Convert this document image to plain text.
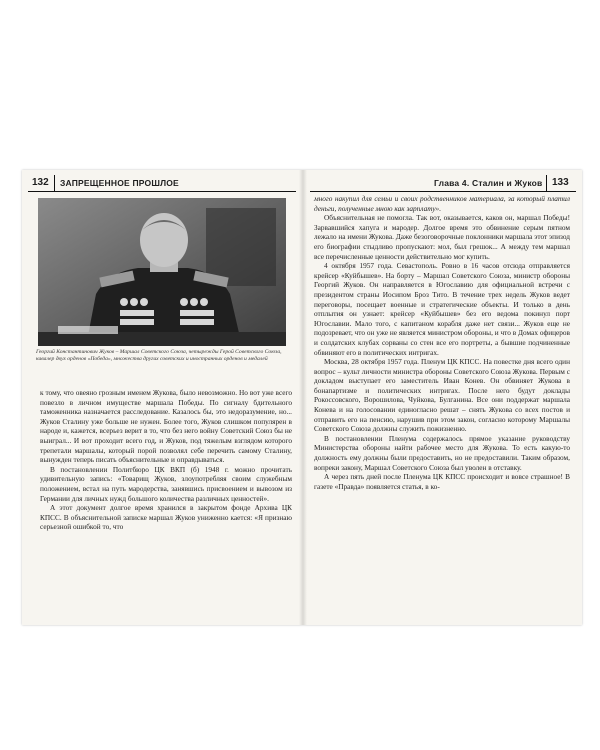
132 ЗАПРЕЩЕННОЕ ПРОШЛОЕ	Глава 4. Сталин и Жуков 133
Георгий Константинович Жуков – Маршал Советского Союза, четырежды Герой Советского Союза, кавалер двух орденов «Победа», множества других советских и иностранных орденов и медалей

к тому, что овеяно грозным именем Жукова, было невозможно. Но вот уже всего повезло в личном имуществе маршала Победы. По сигналу бдительного таможенника назначается расследование. Казалось бы, это недоразумение, но... Жуков Сталину уже больше не нужен. Более того, Жуков слишком популярен в народе и, кажется, всерьез верит в то, что без него войну Советский Союз бы не выиграл... И вот проходит всего год, и Жуков, под тяжелым взглядом которого трепетали маршалы, который порой позволял себе перечить самому Сталину, вынужден теперь писать объяснительные и оправдываться.

В постановлении Политбюро ЦК ВКП (б) 1948 г. можно прочитать удивительную запись: «Товарищ Жуков, злоупотребляя своим служебным положением, встал на путь мародерства, занявшись присвоением и вывозом из Германии для личных нужд большого количества различных ценностей».

А этот документ долгое время хранился в закрытом фонде Архива ЦК КПСС. В объяснительной записке маршал Жуков униженно кается: «Я признаю серьезной ошибкой то, что

много накупил для семьи и своих родственников материала, за который платил деньги, полученные мною как зарплату».

Объяснительная не помогла. Так вот, оказывается, каков он, маршал Победы! Зарвавшийся хапуга и мародер. Долгое время это обвинение серым пятном лежало на имени Жукова. Даже безоговорочные поклонники маршала этот эпизод его биографии стыдливо пропускают: мол, был грешок... А между тем маршал все перечисленные ценности действительно мог купить.

4 октября 1957 года. Севастополь. Ровно в 16 часов отсюда отправляется крейсер «Куйбышев». На борту – Маршал Советского Союза, министр обороны Георгий Жуков. Он направляется в Югославию для официальной встречи с президентом страны Иосипом Броз Тито. В течение трех недель Жуков ведет переговоры, посещает военные и стратегические объекты. И только в день отплытия он узнает: крейсер «Куйбышев» без его ведома покинул порт Югославии. Мало того, с капитаном корабля даже нет связи... Жуков еще не подозревает, что он уже не является министром обороны, и что в Домах офицеров и солдатских клубах сорваны со стен все его портреты, а бывшие подчиненные обвиняют его в политических интригах.

Москва, 28 октября 1957 года. Пленум ЦК КПСС. На повестке дня всего один вопрос – культ личности министра обороны Советского Союза Жукова. Первым с докладом выступает его заместитель Иван Конев. Он обвиняет Жукова в бонапартизме и политических интригах. После него будут доклады Рокоссовского, Ворошилова, Чуйкова, Булганина. Все они поддержат маршала Конева и на голосовании единогласно решат – снять Жукова со всех постов и отправить его на пенсию, нарушив при этом закон, согласно которому Маршалы Советского Союза должны служить пожизненно.

В постановлении Пленума содержалось прямое указание руководству Министерства обороны найти рабочее место для Жукова. То есть какую-то должность ему должны были предоставить, но не предоставили. Таким образом, вопреки закону, Маршал Советского Союза был уволен в отставку.

А через пять дней после Пленума ЦК КПСС происходит и вовсе страшное! В газете «Правда» появляется статья, в ко-
